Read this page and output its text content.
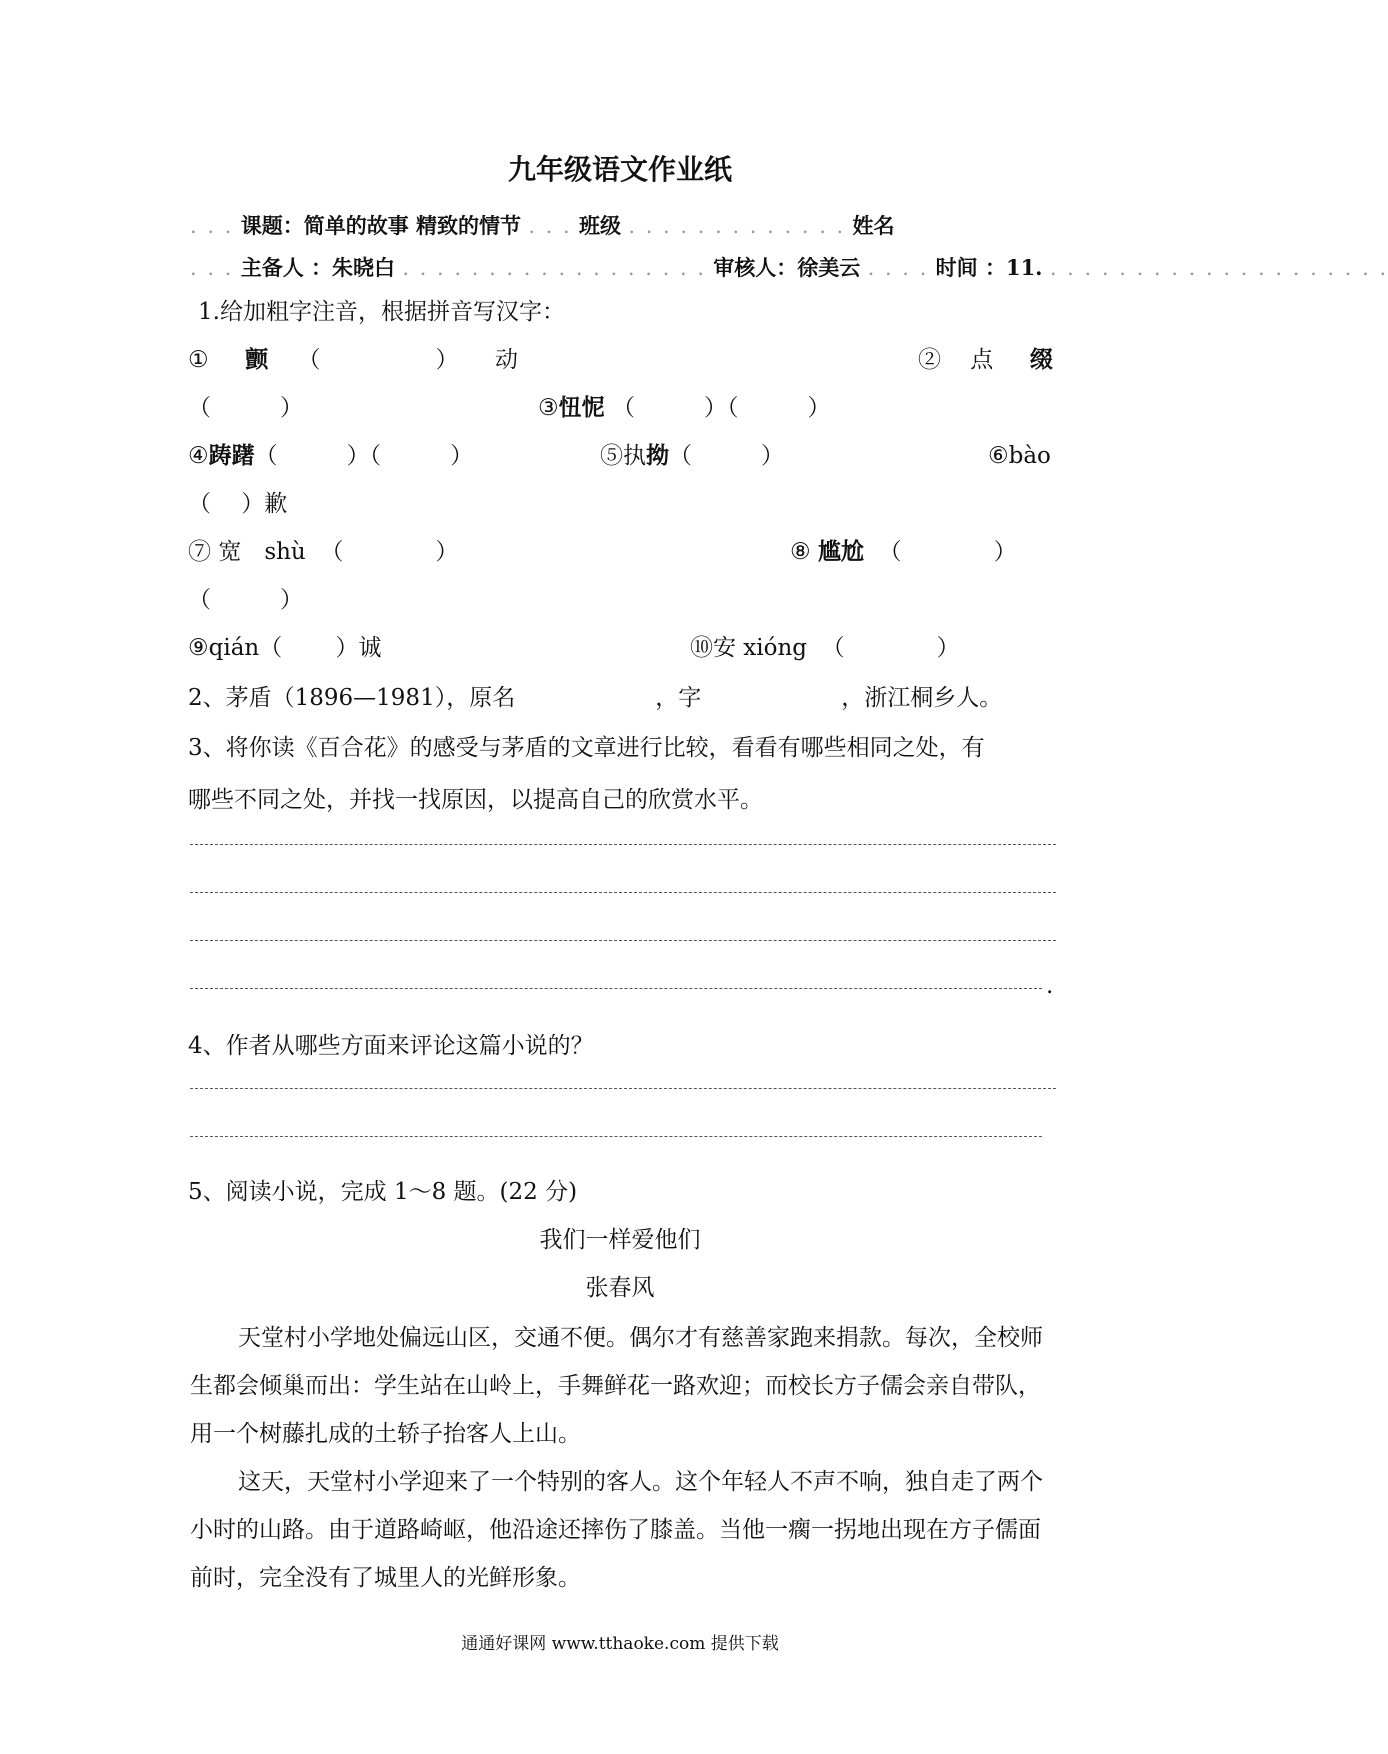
九年级语文作业纸
. . . 课题：简单的故事 精致的情节 . . . 班级 . . . . . . . . . . . . . 姓名
. . . 主备人 ：朱晓白 . . . . . . . . . . . . . . . . . . 审核人：徐美云 . . . . 时间 ：11. . . . . . . . . . . . . . . . . . . . .
1.给加粗字注音，根据拼音写汉字：
① 颤 （　　　　　） 动	② 点 缀
（　　　）	③忸怩 （　　　）（　　　）
④踌躇（　　　）（　　　）	⑤执拗（　　　）	⑥bào
（　 ）歉
⑦ 宽　shù （　　　　）	⑧ 尴尬 （　　　　）
（　　　）
⑨qián（　　 ）诚	⑩安 xióng （　　　　）
2、茅盾（1896—1981），原名	，字	，浙江桐乡人。
3、将你读《百合花》的感受与茅盾的文章进行比较，看看有哪些相同之处，有
哪些不同之处，并找一找原因，以提高自己的欣赏水平。
.
4、作者从哪些方面来评论这篇小说的？
5、阅读小说，完成 1～8 题。(22 分)
我们一样爱他们
张春风
天堂村小学地处偏远山区，交通不便。偶尔才有慈善家跑来捐款。每次，全校师生都会倾巢而出：学生站在山岭上，手舞鲜花一路欢迎；而校长方子儒会亲自带队，用一个树藤扎成的土轿子抬客人上山。
这天，天堂村小学迎来了一个特别的客人。这个年轻人不声不响，独自走了两个小时的山路。由于道路崎岖，他沿途还摔伤了膝盖。当他一瘸一拐地出现在方子儒面前时，完全没有了城里人的光鲜形象。
通通好课网 www.tthaoke.com 提供下载
